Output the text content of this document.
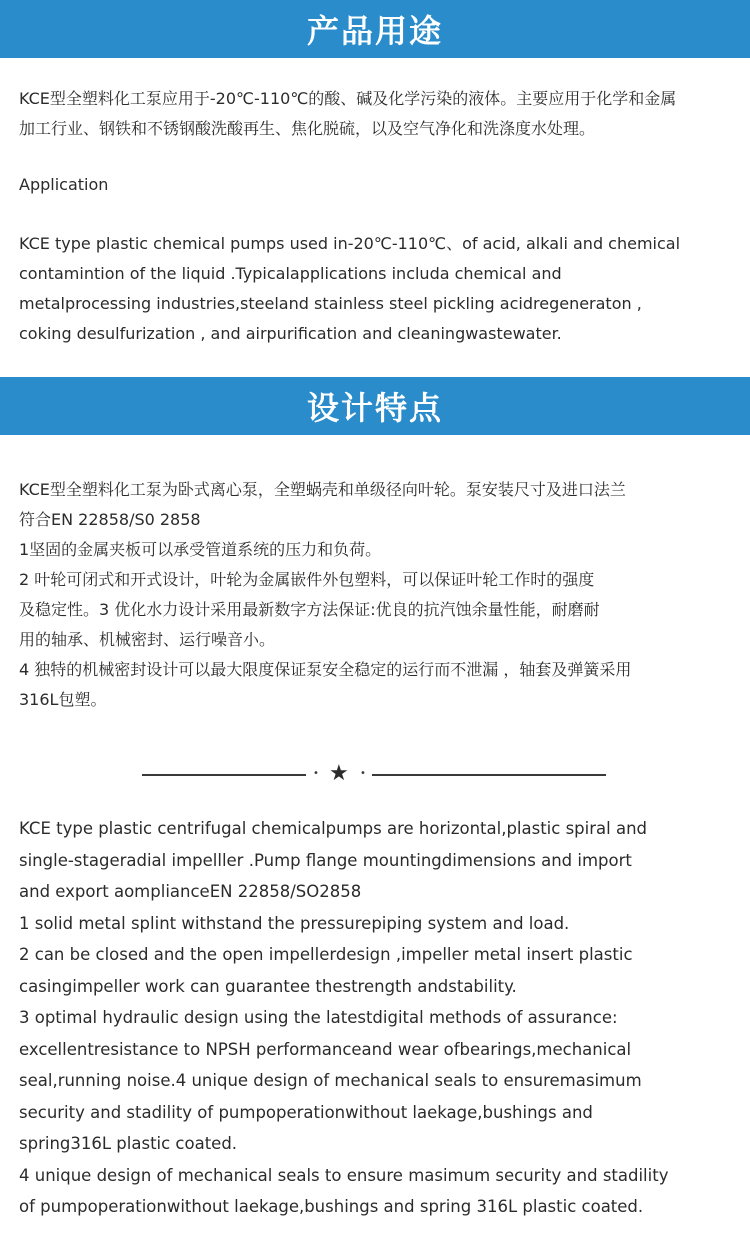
产品用途

KCE型全塑料化工泵应用于-20℃-110℃的酸、碱及化学污染的液体。主要应用于化学和金属

加工行业、钢铁和不锈钢酸洗酸再生、焦化脱硫，以及空气净化和洗涤度水处理。

Application

KCE type plastic chemical pumps used in-20℃-110℃、of acid, alkali and chemical

contamintion of the liquid .Typicalapplications includa chemical and

metalprocessing industries,steeland stainless steel pickling acidregeneraton ,

coking desulfurization , and airpurification and cleaningwastewater.

设计特点

KCE型全塑料化工泵为卧式离心泵，全塑蜗壳和单级径向叶轮。泵安装尺寸及进口法兰

符合EN 22858/S0 2858

1坚固的金属夹板可以承受管道系统的压力和负荷。

2 叶轮可闭式和开式设计，叶轮为金属嵌件外包塑料，可以保证叶轮工作时的强度

及稳定性。3 优化水力设计采用最新数字方法保证:优良的抗汽蚀余量性能，耐磨耐

用的轴承、机械密封、运行噪音小。

4 独特的机械密封设计可以最大限度保证泵安全稳定的运行而不泄漏 ，轴套及弹簧采用

316L包塑。

• ★ •

KCE type plastic centrifugal chemicalpumps are horizontal,plastic spiral and

single-stageradial impelller .Pump flange mountingdimensions and import

and export aomplianceEN 22858/SO2858

1 solid metal splint withstand the pressurepiping system and load.

2 can be closed and the open impellerdesign ,impeller metal insert plastic

casingimpeller work can guarantee thestrength andstability.

3 optimal hydraulic design using the latestdigital methods of assurance:

excellentresistance to NPSH performanceand wear ofbearings,mechanical

seal,running noise.4 unique design of mechanical seals to ensuremasimum

security and stadility of pumpoperationwithout laekage,bushings and

spring316L plastic coated.

4 unique design of mechanical seals to ensure masimum security and stadility

of pumpoperationwithout laekage,bushings and spring 316L plastic coated.
